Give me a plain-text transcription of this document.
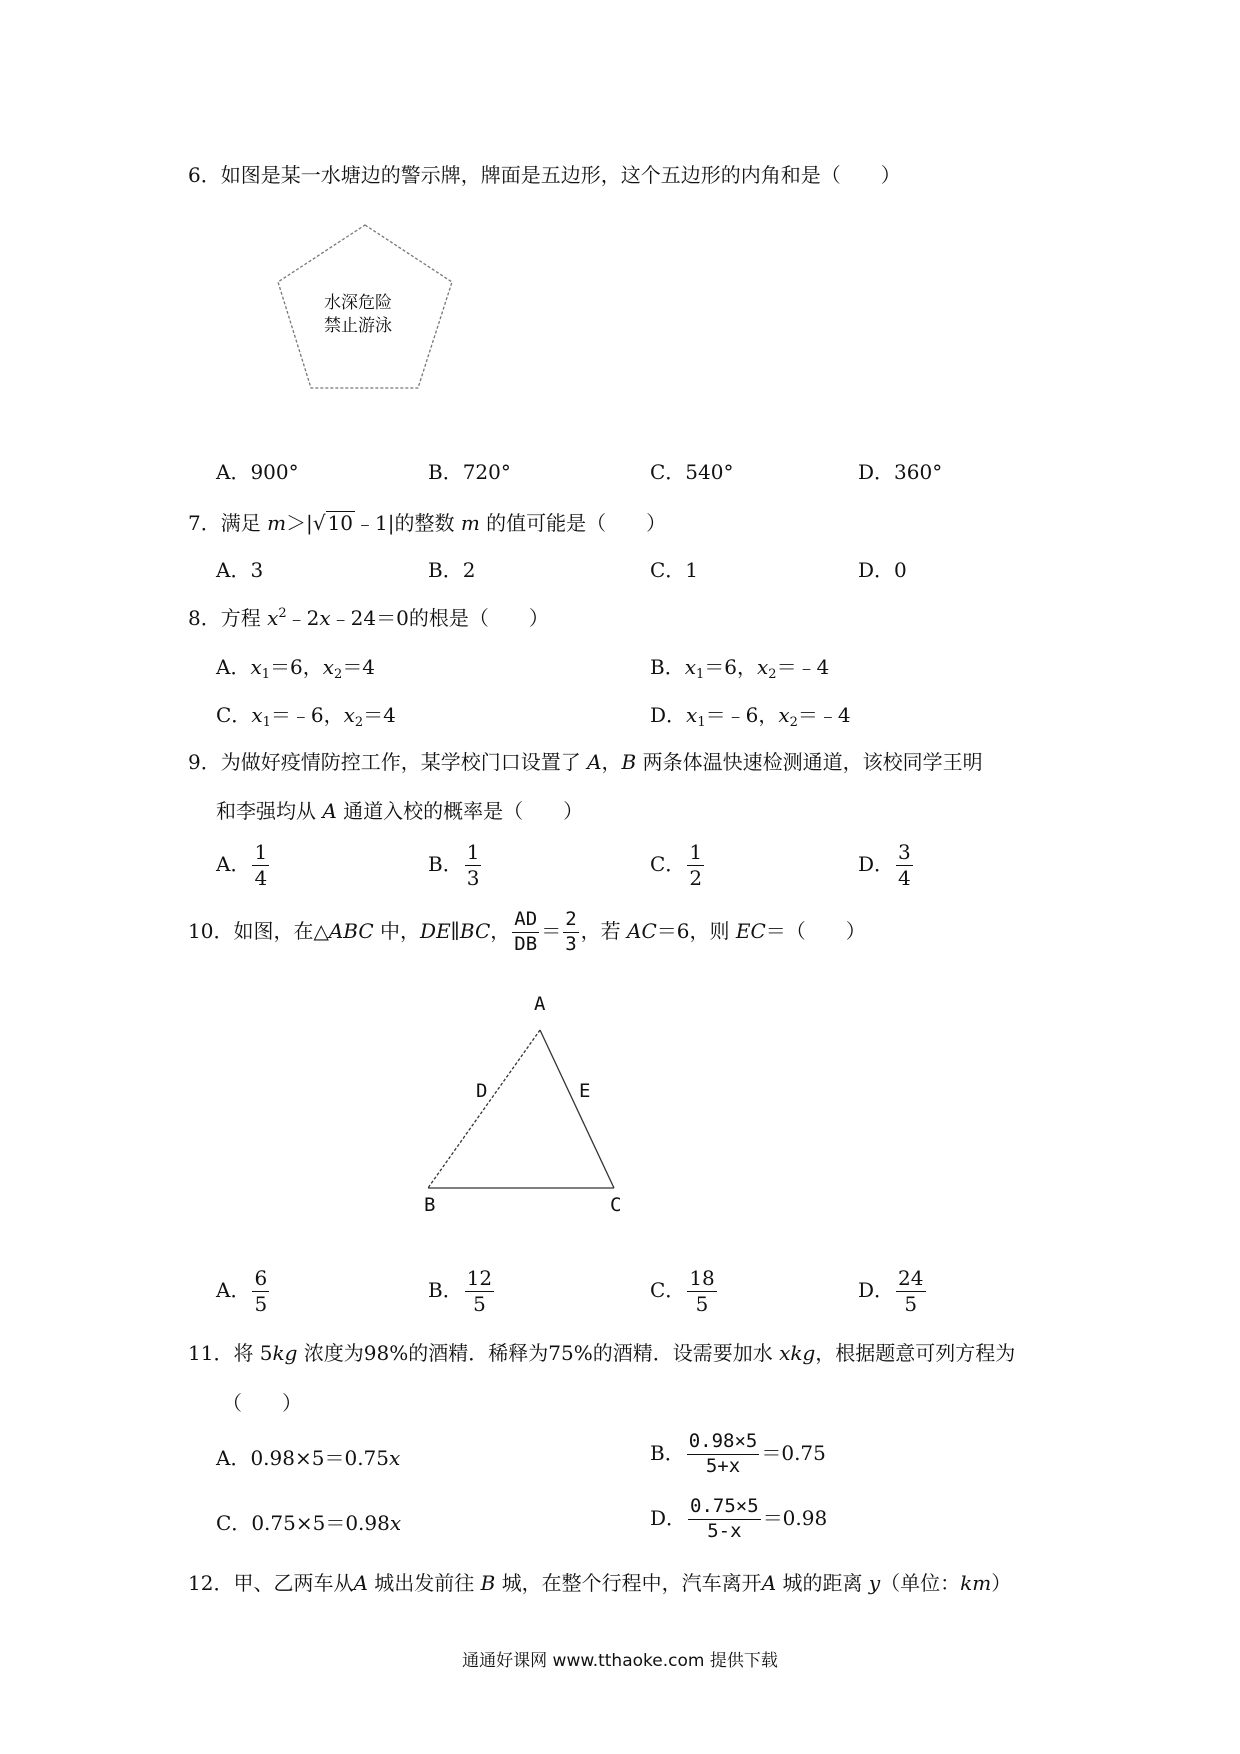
6．如图是某一水塘边的警示牌，牌面是五边形，这个五边形的内角和是（　　）
水深危险
禁止游泳
A．900°	B．720°	C．540°	D．360°
7．满足 m＞|√ 10 ﹣1|的整数 m 的值可能是（　　）
A．3	B．2	C．1	D．0
8．方程 $x^2﹣2x﹣24=0$的根是（　　）
A．$x_1=6$，$x_2=4$	B．$x_1=6$，$x_2=﹣4$
C．$x_1=﹣6$，$x_2=4$	D．$x_1=﹣6$，$x_2=﹣4$
9．为做好疫情防控工作，某学校门口设置了 A，B 两条体温快速检测通道，该校同学王明
和李强均从 A 通道入校的概率是（　　）
A． $\frac{1}{4}$	B． $\frac{1}{3}$	C． $\frac{1}{2}$	D． $\frac{3}{4}$
10．如图，在△ABC 中，DE∥BC， $\frac{AD}{DB} = \frac{2}{3}$ ，若 AC＝6，则 EC＝（　　）
A
D	E
B	C
A． $\frac{6}{5}$	B． $\frac{12}{5}$	C． $\frac{18}{5}$	D． $\frac{24}{5}$
11．将 5kg 浓度为98%的酒精．稀释为75%的酒精．设需要加水 xkg，根据题意可列方程为
（　　）
A．0.98×5＝0.75x	B． $\frac{0.98\times 5}{5+x} =0.75$
C．0.75×5＝0.98x	D． $\frac{0.75\times 5}{5-x} =0.98$
12．甲、乙两车从A 城出发前往 B 城，在整个行程中，汽车离开A 城的距离 y（单位：km）
通通好课网 www.tthaoke.com 提供下载
